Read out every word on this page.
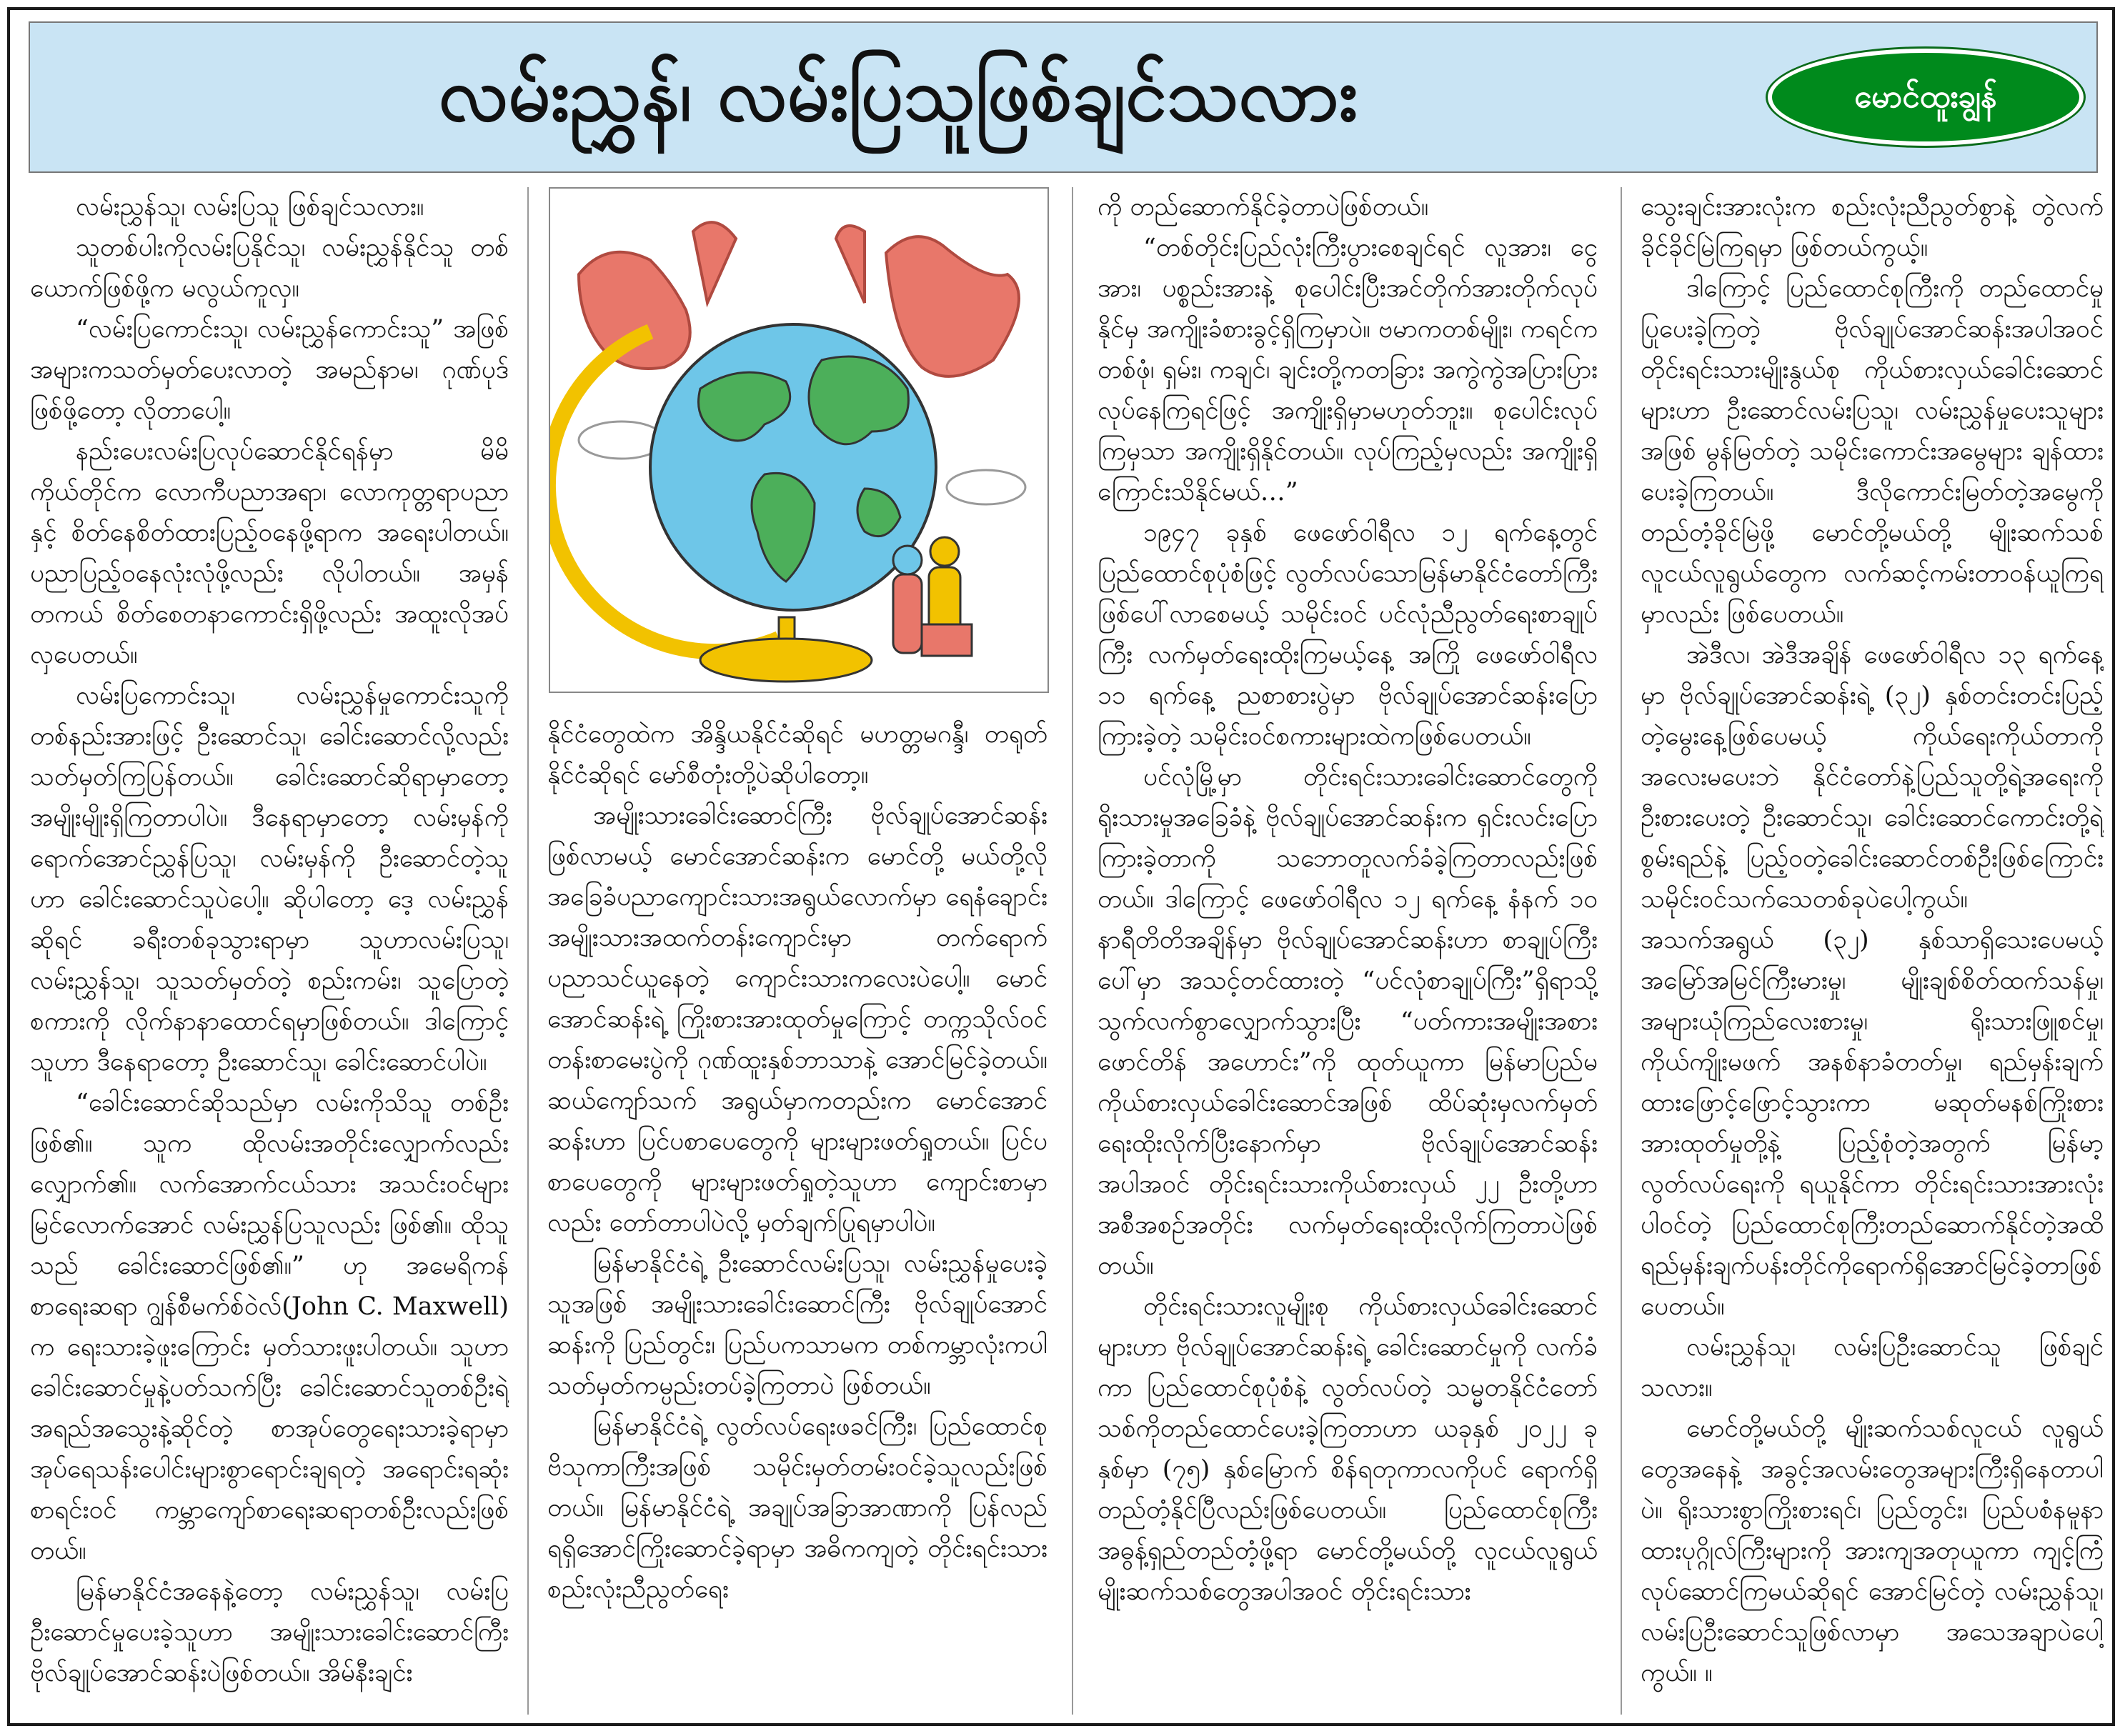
လမ်းညွှန်၊ လမ်းပြသူဖြစ်ချင်သလား	မောင်ထူးချွန်

လမ်းညွှန်သူ၊ လမ်းပြသူ ဖြစ်ချင်သလား။

သူတစ်ပါးကိုလမ်းပြနိုင်သူ၊ လမ်းညွှန်နိုင်သူ တစ်ယောက်ဖြစ်ဖို့က မလွယ်ကူလှ။

“လမ်းပြကောင်းသူ၊ လမ်းညွှန်ကောင်းသူ” အဖြစ် အများကသတ်မှတ်ပေးလာတဲ့ အမည်နာမ၊ ဂုဏ်ပုဒ်ဖြစ်ဖို့တော့ လိုတာပေါ့။

နည်းပေးလမ်းပြလုပ်ဆောင်နိုင်ရန်မှာ မိမိကိုယ်တိုင်က လောကီပညာအရာ၊ လောကုတ္တရာပညာနှင့် စိတ်နေစိတ်ထားပြည့်ဝနေဖို့ရာက အရေးပါတယ်။ ပညာပြည့်ဝနေလုံးလုံဖို့လည်း လိုပါတယ်။ အမှန်တကယ် စိတ်စေတနာကောင်းရှိဖို့လည်း အထူးလိုအပ်လှပေတယ်။

လမ်းပြကောင်းသူ၊ လမ်းညွှန်မှုကောင်းသူကို တစ်နည်းအားဖြင့် ဦးဆောင်သူ၊ ခေါင်းဆောင်လို့လည်း သတ်မှတ်ကြပြန်တယ်။ ခေါင်းဆောင်ဆိုရာမှာတော့ အမျိုးမျိုးရှိကြတာပါပဲ။ ဒီနေရာမှာတော့ လမ်းမှန်ကိုရောက်အောင်ညွှန်ပြသူ၊ လမ်းမှန်ကို ဦးဆောင်တဲ့သူဟာ ခေါင်းဆောင်သူပဲပေါ့။ ဆိုပါတော့ ဒေ့ လမ်းညွှန်ဆိုရင် ခရီးတစ်ခုသွားရာမှာ သူဟာလမ်းပြသူ၊ လမ်းညွှန်သူ၊ သူသတ်မှတ်တဲ့ စည်းကမ်း၊ သူပြောတဲ့စကားကို လိုက်နာနာထောင်ရမှာဖြစ်တယ်။ ဒါကြောင့် သူဟာ ဒီနေရာတော့ ဦးဆောင်သူ၊ ခေါင်းဆောင်ပါပဲ။

“ခေါင်းဆောင်ဆိုသည်မှာ လမ်းကိုသိသူ တစ်ဦးဖြစ်၏။ သူက ထိုလမ်းအတိုင်းလျှောက်လည်းလျှောက်၏။ လက်အောက်ငယ်သား အသင်းဝင်များ မြင်လောက်အောင် လမ်းညွှန်ပြသူလည်း ဖြစ်၏။ ထိုသူသည် ခေါင်းဆောင်ဖြစ်၏။” ဟု အမေရိကန်စာရေးဆရာ ဂျွန်စီမက်စ်ဝဲလ်(John C. Maxwell) က ရေးသားခဲ့ဖူးကြောင်း မှတ်သားဖူးပါတယ်။ သူဟာ ခေါင်းဆောင်မှုနဲ့ပတ်သက်ပြီး ခေါင်းဆောင်သူတစ်ဦးရဲ့ အရည်အသွေးနဲ့ဆိုင်တဲ့ စာအုပ်တွေရေးသားခဲ့ရာမှာ အုပ်ရေသန်းပေါင်းများစွာရောင်းချရတဲ့ အရောင်းရဆုံးစာရင်းဝင် ကမ္ဘာကျော်စာရေးဆရာတစ်ဦးလည်းဖြစ်တယ်။

မြန်မာနိုင်ငံအနေနဲ့တော့ လမ်းညွှန်သူ၊ လမ်းပြဦးဆောင်မှုပေးခဲ့သူဟာ အမျိုးသားခေါင်းဆောင်ကြီး ဗိုလ်ချုပ်အောင်ဆန်းပဲဖြစ်တယ်။ အိမ်နီးချင်း

နိုင်ငံတွေထဲက အိန္ဒိယနိုင်ငံဆိုရင် မဟတ္တမဂန္ဒီ၊ တရုတ်နိုင်ငံဆိုရင် မော်စီတုံးတို့ပဲဆိုပါတော့။

အမျိုးသားခေါင်းဆောင်ကြီး ဗိုလ်ချုပ်အောင်ဆန်းဖြစ်လာမယ့် မောင်အောင်ဆန်းက မောင်တို့ မယ်တို့လို အခြေခံပညာကျောင်းသားအရွယ်လောက်မှာ ရေနံချောင်းအမျိုးသားအထက်တန်းကျောင်းမှာ တက်ရောက်ပညာသင်ယူနေတဲ့ ကျောင်းသားကလေးပဲပေါ့။ မောင်အောင်ဆန်းရဲ့ ကြိုးစားအားထုတ်မှုကြောင့် တက္ကသိုလ်ဝင်တန်းစာမေးပွဲကို ဂုဏ်ထူးနှစ်ဘာသာနဲ့ အောင်မြင်ခဲ့တယ်။ ဆယ်ကျော်သက် အရွယ်မှာကတည်းက မောင်အောင်ဆန်းဟာ ပြင်ပစာပေတွေကို များများဖတ်ရှုတယ်။ ပြင်ပစာပေတွေကို များများဖတ်ရှုတဲ့သူဟာ ကျောင်းစာမှာလည်း တော်တာပါပဲလို့ မှတ်ချက်ပြုရမှာပါပဲ။

မြန်မာနိုင်ငံရဲ့ ဦးဆောင်လမ်းပြသူ၊ လမ်းညွှန်မှုပေးခဲ့သူအဖြစ် အမျိုးသားခေါင်းဆောင်ကြီး ဗိုလ်ချုပ်အောင်ဆန်းကို ပြည်တွင်း၊ ပြည်ပကသာမက တစ်ကမ္ဘာလုံးကပါ သတ်မှတ်ကမ္ပည်းတပ်ခဲ့ကြတာပဲ ဖြစ်တယ်။

မြန်မာနိုင်ငံရဲ့ လွတ်လပ်ရေးဖခင်ကြီး၊ ပြည်ထောင်စုဗိသုကာကြီးအဖြစ် သမိုင်းမှတ်တမ်းဝင်ခဲ့သူလည်းဖြစ်တယ်။ မြန်မာနိုင်ငံရဲ့ အချုပ်အခြာအာဏာကို ပြန်လည်ရရှိအောင်ကြိုးဆောင်ခဲ့ရာမှာ အဓိကကျတဲ့ တိုင်းရင်းသားစည်းလုံးညီညွတ်ရေး

ကို တည်ဆောက်နိုင်ခဲ့တာပဲဖြစ်တယ်။

“တစ်တိုင်းပြည်လုံးကြီးပွားစေချင်ရင် လူအား၊ ငွေအား၊ ပစ္စည်းအားနဲ့ စုပေါင်းပြီးအင်တိုက်အားတိုက်လုပ်နိုင်မှ အကျိုးခံစားခွင့်ရှိကြမှာပဲ။ ဗမာကတစ်မျိုး၊ ကရင်ကတစ်ဖုံ၊ ရှမ်း၊ ကချင်၊ ချင်းတို့ကတခြား အကွဲကွဲအပြားပြားလုပ်နေကြရင်ဖြင့် အကျိုးရှိမှာမဟုတ်ဘူး။ စုပေါင်းလုပ်ကြမှသာ အကျိုးရှိနိုင်တယ်။ လုပ်ကြည့်မှလည်း အကျိုးရှိကြောင်းသိနိုင်မယ်…”

၁၉၄၇ ခုနှစ် ဖေဖော်ဝါရီလ ၁၂ ရက်နေ့တွင် ပြည်ထောင်စုပုံစံဖြင့် လွတ်လပ်သောမြန်မာနိုင်ငံတော်ကြီးဖြစ်ပေါ်လာစေမယ့် သမိုင်းဝင် ပင်လုံညီညွတ်ရေးစာချုပ်ကြီး လက်မှတ်ရေးထိုးကြမယ့်နေ့ အကြို ဖေဖော်ဝါရီလ ၁၁ ရက်နေ့ ညစာစားပွဲမှာ ဗိုလ်ချုပ်အောင်ဆန်းပြောကြားခဲ့တဲ့ သမိုင်းဝင်စကားများထဲကဖြစ်ပေတယ်။

ပင်လုံမြို့မှာ တိုင်းရင်းသားခေါင်းဆောင်တွေကို ရိုးသားမှုအခြေခံနဲ့ ဗိုလ်ချုပ်အောင်ဆန်းက ရှင်းလင်းပြောကြားခဲ့တာကို သဘောတူလက်ခံခဲ့ကြတာလည်းဖြစ်တယ်။ ဒါကြောင့် ဖေဖော်ဝါရီလ ၁၂ ရက်နေ့ နံနက် ၁၀ နာရီတိတိအချိန်မှာ ဗိုလ်ချုပ်အောင်ဆန်းဟာ စာချုပ်ကြီးပေါ်မှာ အသင့်တင်ထားတဲ့ “ပင်လုံစာချုပ်ကြီး”ရှိရာသို့ သွက်လက်စွာလျှောက်သွားပြီး “ပတ်ကားအမျိုးအစားဖောင်တိန် အဟောင်း”ကို ထုတ်ယူကာ မြန်မာပြည်မ ကိုယ်စားလှယ်ခေါင်းဆောင်အဖြစ် ထိပ်ဆုံးမှလက်မှတ်ရေးထိုးလိုက်ပြီးနောက်မှာ ဗိုလ်ချုပ်အောင်ဆန်းအပါအဝင် တိုင်းရင်းသားကိုယ်စားလှယ် ၂၂ ဦးတို့ဟာ အစီအစဉ်အတိုင်း လက်မှတ်ရေးထိုးလိုက်ကြတာပဲဖြစ်တယ်။

တိုင်းရင်းသားလူမျိုးစု ကိုယ်စားလှယ်ခေါင်းဆောင်များဟာ ဗိုလ်ချုပ်အောင်ဆန်းရဲ့ ခေါင်းဆောင်မှုကို လက်ခံကာ ပြည်ထောင်စုပုံစံနဲ့ လွတ်လပ်တဲ့ သမ္မတနိုင်ငံတော်သစ်ကိုတည်ထောင်ပေးခဲ့ကြတာဟာ ယခုနှစ် ၂၀၂၂ ခုနှစ်မှာ (၇၅) နှစ်မြောက် စိန်ရတုကာလကိုပင် ရောက်ရှိတည်တံ့နိုင်ပြီလည်းဖြစ်ပေတယ်။ ပြည်ထောင်စုကြီး အဓွန့်ရှည်တည်တံ့ဖို့ရာ မောင်တို့မယ်တို့ လူငယ်လူရွယ်မျိုးဆက်သစ်တွေအပါအဝင် တိုင်းရင်းသား

သွေးချင်းအားလုံးက စည်းလုံးညီညွတ်စွာနဲ့ တွဲလက်ခိုင်ခိုင်မြဲကြရမှာ ဖြစ်တယ်ကွယ့်။

ဒါကြောင့် ပြည်ထောင်စုကြီးကို တည်ထောင်မှုပြုပေးခဲ့ကြတဲ့ ဗိုလ်ချုပ်အောင်ဆန်းအပါအဝင် တိုင်းရင်းသားမျိုးနွယ်စု ကိုယ်စားလှယ်ခေါင်းဆောင်များဟာ ဦးဆောင်လမ်းပြသူ၊ လမ်းညွှန်မှုပေးသူများအဖြစ် မွန်မြတ်တဲ့ သမိုင်းကောင်းအမွေများ ချန်ထားပေးခဲ့ကြတယ်။ ဒီလိုကောင်းမြတ်တဲ့အမွေကို တည်တံ့ခိုင်မြဲဖို့ မောင်တို့မယ်တို့ မျိုးဆက်သစ်လူငယ်လူရွယ်တွေက လက်ဆင့်ကမ်းတာဝန်ယူကြရမှာလည်း ဖြစ်ပေတယ်။

အဲဒီလ၊ အဲဒီအချိန် ဖေဖော်ဝါရီလ ၁၃ ရက်နေ့မှာ ဗိုလ်ချုပ်အောင်ဆန်းရဲ့ (၃၂) နှစ်တင်းတင်းပြည့်တဲ့မွေးနေ့ဖြစ်ပေမယ့် ကိုယ်ရေးကိုယ်တာကို အလေးမပေးဘဲ နိုင်ငံတော်နဲ့ပြည်သူတို့ရဲ့အရေးကို ဦးစားပေးတဲ့ ဦးဆောင်သူ၊ ခေါင်းဆောင်ကောင်းတို့ရဲ့စွမ်းရည်နဲ့ ပြည့်ဝတဲ့ခေါင်းဆောင်တစ်ဦးဖြစ်ကြောင်း သမိုင်းဝင်သက်သေတစ်ခုပဲပေါ့ကွယ်။ အသက်အရွယ် (၃၂) နှစ်သာရှိသေးပေမယ့် အမြော်အမြင်ကြီးမားမှု၊ မျိုးချစ်စိတ်ထက်သန်မှု၊ အများယုံကြည်လေးစားမှု၊ ရိုးသားဖြူစင်မှု၊ ကိုယ်ကျိုးမဖက် အနစ်နာခံတတ်မှု၊ ရည်မှန်းချက်ထားဖြောင့်ဖြောင့်သွားကာ မဆုတ်မနစ်ကြိုးစားအားထုတ်မှုတို့နဲ့ ပြည့်စုံတဲ့အတွက် မြန်မာ့လွတ်လပ်ရေးကို ရယူနိုင်ကာ တိုင်းရင်းသားအားလုံးပါဝင်တဲ့ ပြည်ထောင်စုကြီးတည်ဆောက်နိုင်တဲ့အထိ ရည်မှန်းချက်ပန်းတိုင်ကိုရောက်ရှိအောင်မြင်ခဲ့တာဖြစ်ပေတယ်။

လမ်းညွှန်သူ၊ လမ်းပြဦးဆောင်သူ ဖြစ်ချင်သလား။

မောင်တို့မယ်တို့ မျိုးဆက်သစ်လူငယ် လူရွယ်တွေအနေနဲ့ အခွင့်အလမ်းတွေအများကြီးရှိနေတာပါပဲ။ ရိုးသားစွာကြိုးစားရင်၊ ပြည်တွင်း၊ ပြည်ပစံနမူနာထားပုဂ္ဂိုလ်ကြီးများကို အားကျအတုယူကာ ကျင့်ကြံလုပ်ဆောင်ကြမယ်ဆိုရင် အောင်မြင်တဲ့ လမ်းညွှန်သူ၊ လမ်းပြဦးဆောင်သူဖြစ်လာမှာ အသေအချာပဲပေါ့ကွယ်။ ။
